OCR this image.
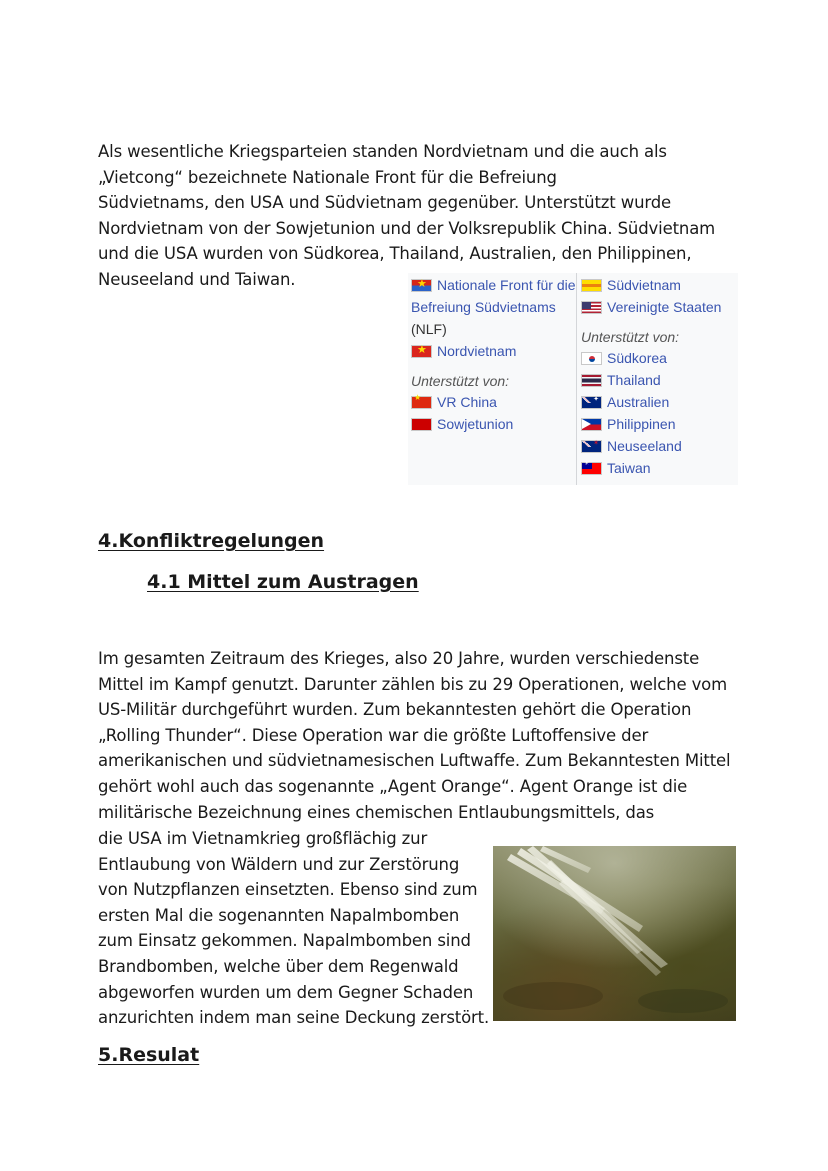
Als wesentliche Kriegsparteien standen Nordvietnam und die auch als
„Vietcong“ bezeichnete Nationale Front für die Befreiung
Südvietnams, den USA und Südvietnam gegenüber. Unterstützt wurde
Nordvietnam von der Sowjetunion und der Volksrepublik China. Südvietnam
und die USA wurden von Südkorea, Thailand, Australien, den Philippinen,
Neuseeland und Taiwan.

★	Nationale Front für die
Befreiung Südvietnams
(NLF)
★
Nordvietnam
Unterstützt von:
★
VR China
Sowjetunion
Südvietnam
Vereinigte Staaten
Unterstützt von:
Südkorea
Thailand
✦
Australien
Philippinen
✶
Neuseeland
☀
Taiwan
4.Konfliktregelungen
4.1 Mittel zum Austragen

Im gesamten Zeitraum des Krieges, also 20 Jahre, wurden verschiedenste
Mittel im Kampf genutzt. Darunter zählen bis zu 29 Operationen, welche vom
US-Militär durchgeführt wurden. Zum bekanntesten gehört die Operation
„Rolling Thunder“. Diese Operation war die größte Luftoffensive der
amerikanischen und südvietnamesischen Luftwaffe. Zum Bekanntesten Mittel
gehört wohl auch das sogenannte „Agent Orange“. Agent Orange ist die
militärische Bezeichnung eines chemischen Entlaubungsmittels, das

die USA im Vietnamkrieg großflächig zur
Entlaubung von Wäldern und zur Zerstörung
von Nutzpflanzen einsetzten. Ebenso sind zum
ersten Mal die sogenannten Napalmbomben
zum Einsatz gekommen. Napalmbomben sind
Brandbomben, welche über dem Regenwald
abgeworfen wurden um dem Gegner Schaden
anzurichten indem man seine Deckung zerstört.

5.Resulat
